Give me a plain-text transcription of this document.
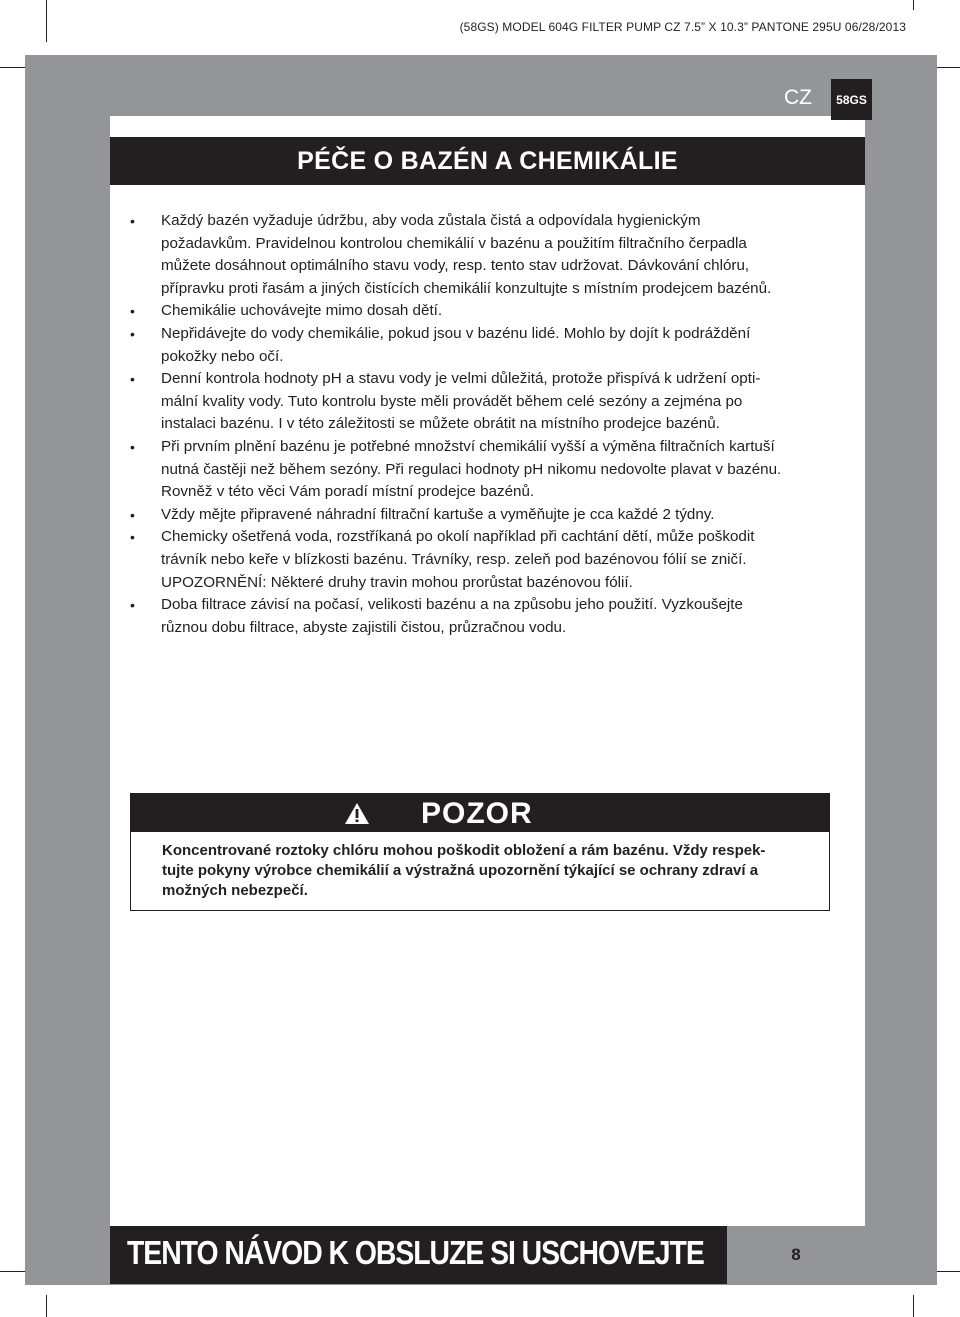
(58GS) MODEL 604G FILTER PUMP CZ 7.5” X 10.3” PANTONE 295U 06/28/2013
CZ	58GS
PÉČE O BAZÉN A CHEMIKÁLIE
• Každý bazén vyžaduje údržbu, aby voda zůstala čistá a odpovídala hygienickým
požadavkům. Pravidelnou kontrolou chemikálií v bazénu a použitím filtračního čerpadla
můžete dosáhnout optimálního stavu vody, resp. tento stav udržovat. Dávkování chlóru,
přípravku proti řasám a jiných čistících chemikálií konzultujte s místním prodejcem bazénů.
• Chemikálie uchovávejte mimo dosah dětí.
• Nepřidávejte do vody chemikálie, pokud jsou v bazénu lidé. Mohlo by dojít k podráždění
pokožky nebo očí.
• Denní kontrola hodnoty pH a stavu vody je velmi důležitá, protože přispívá k udržení opti-
mální kvality vody. Tuto kontrolu byste měli provádět během celé sezóny a zejména po
instalaci bazénu. I v této záležitosti se můžete obrátit na místního prodejce bazénů.
• Při prvním plnění bazénu je potřebné množství chemikálií vyšší a výměna filtračních kartuší
nutná častěji než během sezóny. Při regulaci hodnoty pH nikomu nedovolte plavat v bazénu.
Rovněž v této věci Vám poradí místní prodejce bazénů.
• Vždy mějte připravené náhradní filtrační kartuše a vyměňujte je cca každé 2 týdny.
• Chemicky ošetřená voda, rozstříkaná po okolí například při cachtání dětí, může poškodit
trávník nebo keře v blízkosti bazénu. Trávníky, resp. zeleň pod bazénovou fólií se zničí.
UPOZORNĚNÍ: Některé druhy travin mohou prorůstat bazénovou fólií.
• Doba filtrace závisí na počasí, velikosti bazénu a na způsobu jeho použití. Vyzkoušejte
různou dobu filtrace, abyste zajistili čistou, průzračnou vodu.
POZOR
Koncentrované roztoky chlóru mohou poškodit obložení a rám bazénu. Vždy respek-
tujte pokyny výrobce chemikálií a výstražná upozornění týkající se ochrany zdraví a
možných nebezpečí.
TENTO NÁVOD K OBSLUZE SI USCHOVEJTE	8
